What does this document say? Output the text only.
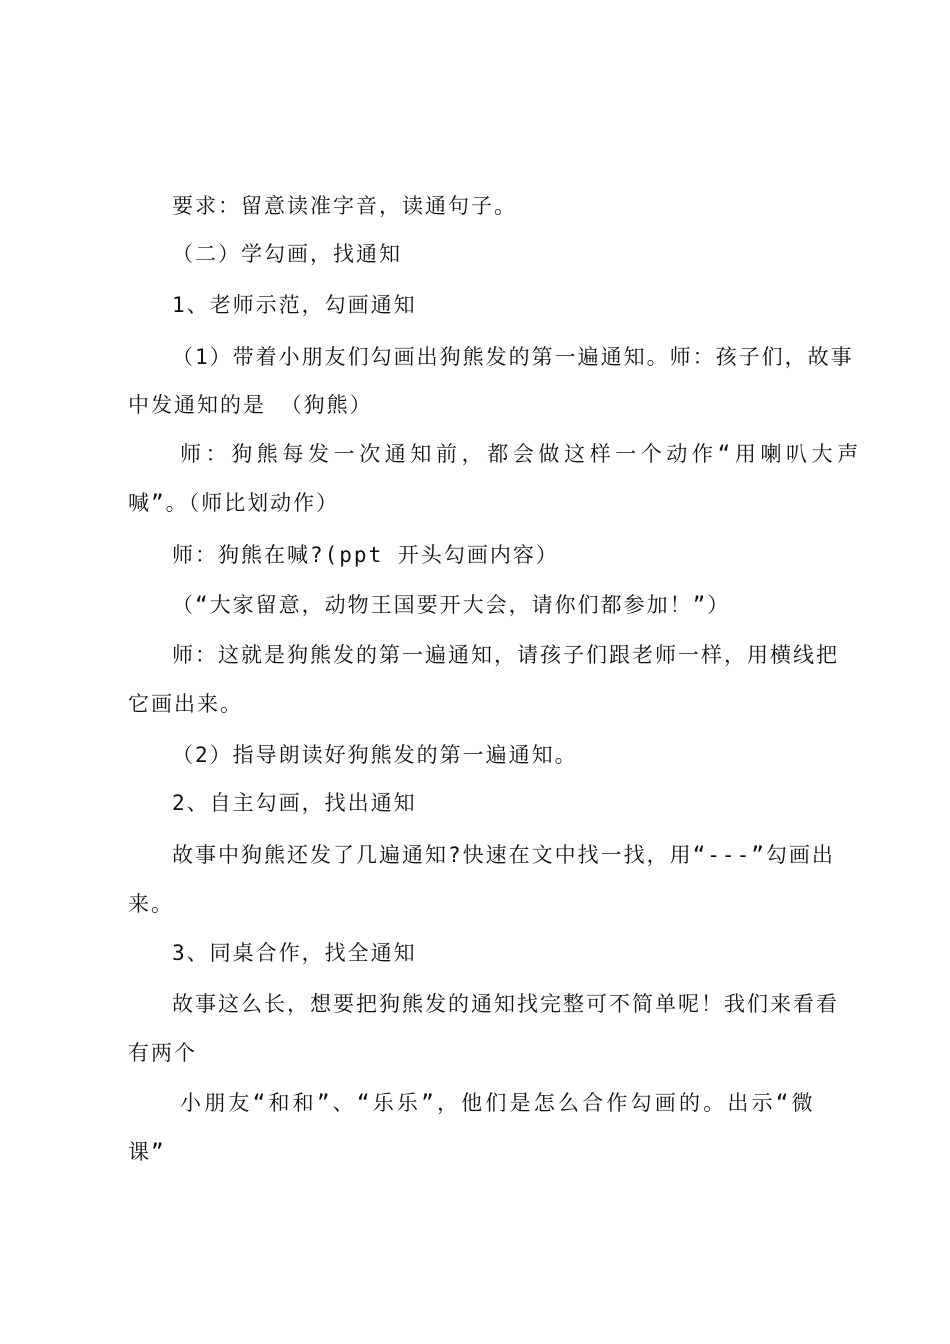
要求：留意读准字音，读通句子。
（二）学勾画，找通知
1、老师示范，勾画通知
（1）带着小朋友们勾画出狗熊发的第一遍通知。师：孩子们，故事
中发通知的是 （狗熊）
师：狗熊每发一次通知前，都会做这样一个动作“用喇叭大声
喊”。（师比划动作）
师：狗熊在喊?(ppt 开头勾画内容）
（“大家留意，动物王国要开大会，请你们都参加！”）
师：这就是狗熊发的第一遍通知，请孩子们跟老师一样，用横线把
它画出来。
（2）指导朗读好狗熊发的第一遍通知。
2、自主勾画，找出通知
故事中狗熊还发了几遍通知?快速在文中找一找，用“---”勾画出
来。
3、同桌合作，找全通知
故事这么长，想要把狗熊发的通知找完整可不简单呢！我们来看看
有两个
小朋友“和和”、“乐乐”，他们是怎么合作勾画的。出示“微
课”
